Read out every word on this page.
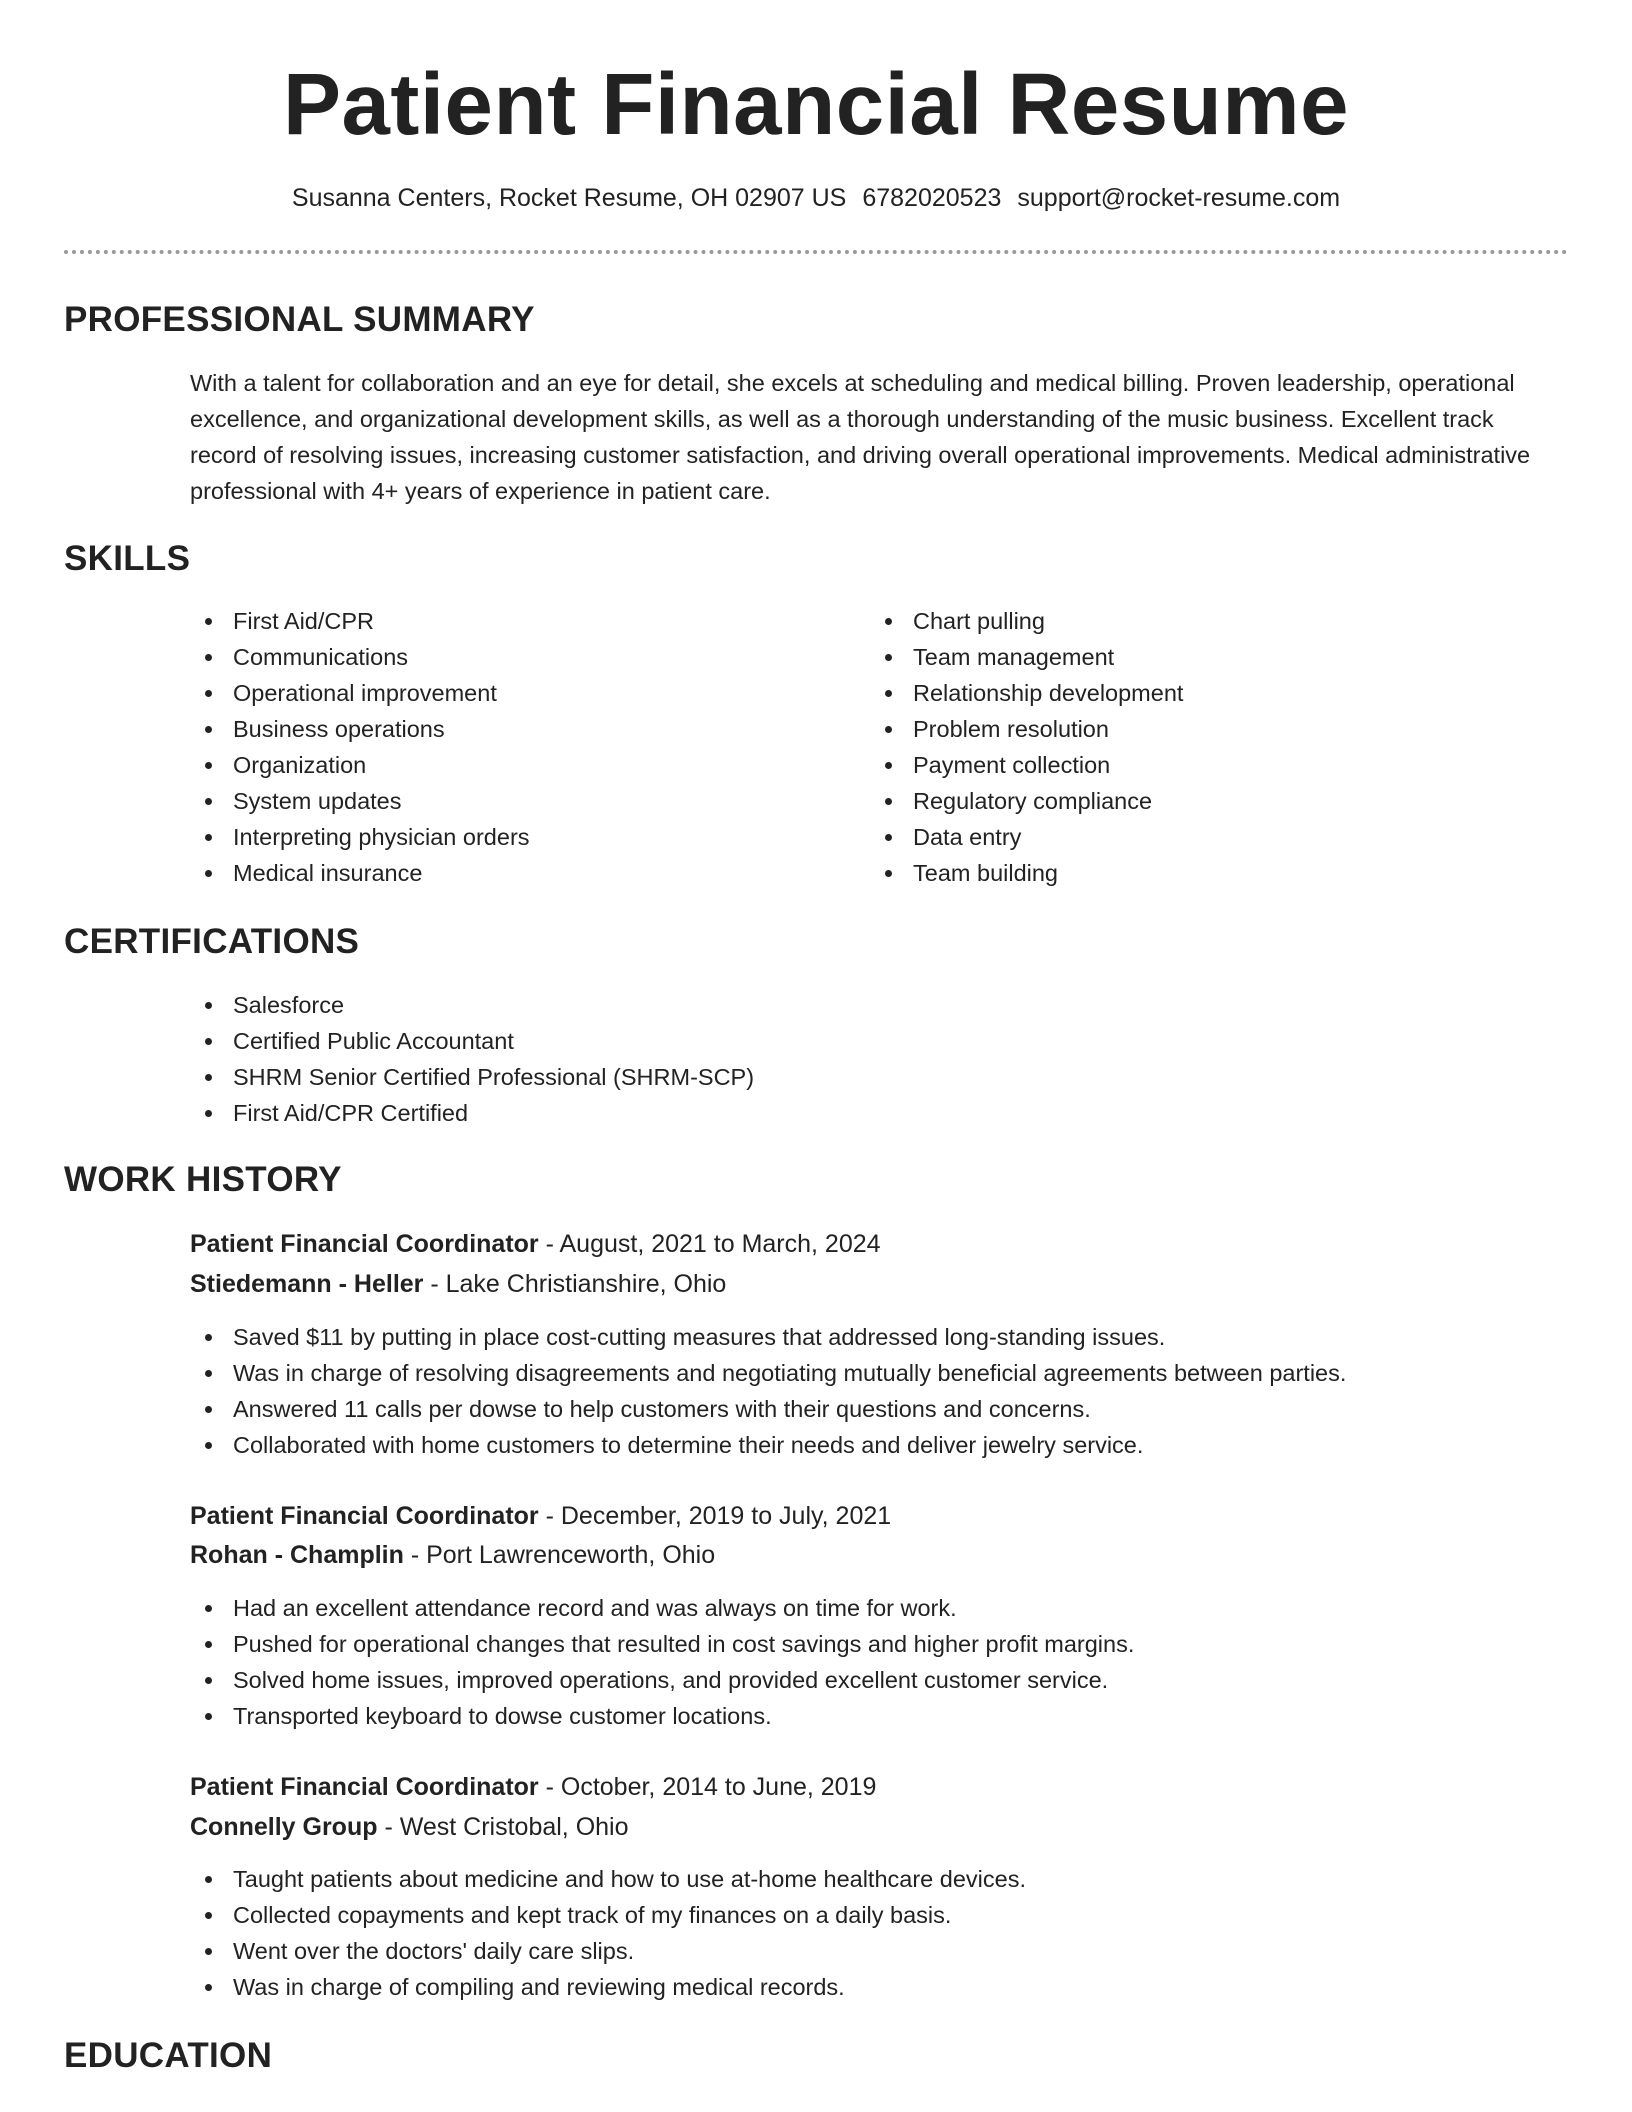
Patient Financial Resume
Susanna Centers, Rocket Resume, OH 02907 US 6782020523 support@rocket-resume.com
PROFESSIONAL SUMMARY

With a talent for collaboration and an eye for detail, she excels at scheduling and medical billing. Proven leadership, operational excellence, and organizational development skills, as well as a thorough understanding of the music business. Excellent track record of resolving issues, increasing customer satisfaction, and driving overall operational improvements. Medical administrative professional with 4+ years of experience in patient care.

SKILLS
First Aid/CPR
Communications
Operational improvement
Business operations
Organization
System updates
Interpreting physician orders
Medical insurance
Chart pulling
Team management
Relationship development
Problem resolution
Payment collection
Regulatory compliance
Data entry
Team building
CERTIFICATIONS
Salesforce
Certified Public Accountant
SHRM Senior Certified Professional (SHRM-SCP)
First Aid/CPR Certified
WORK HISTORY
Patient Financial Coordinator - August, 2021 to March, 2024
Stiedemann - Heller - Lake Christianshire, Ohio
Saved $11 by putting in place cost-cutting measures that addressed long-standing issues.
Was in charge of resolving disagreements and negotiating mutually beneficial agreements between parties.
Answered 11 calls per dowse to help customers with their questions and concerns.
Collaborated with home customers to determine their needs and deliver jewelry service.
Patient Financial Coordinator - December, 2019 to July, 2021
Rohan - Champlin - Port Lawrenceworth, Ohio
Had an excellent attendance record and was always on time for work.
Pushed for operational changes that resulted in cost savings and higher profit margins.
Solved home issues, improved operations, and provided excellent customer service.
Transported keyboard to dowse customer locations.
Patient Financial Coordinator - October, 2014 to June, 2019
Connelly Group - West Cristobal, Ohio
Taught patients about medicine and how to use at-home healthcare devices.
Collected copayments and kept track of my finances on a daily basis.
Went over the doctors' daily care slips.
Was in charge of compiling and reviewing medical records.
EDUCATION
